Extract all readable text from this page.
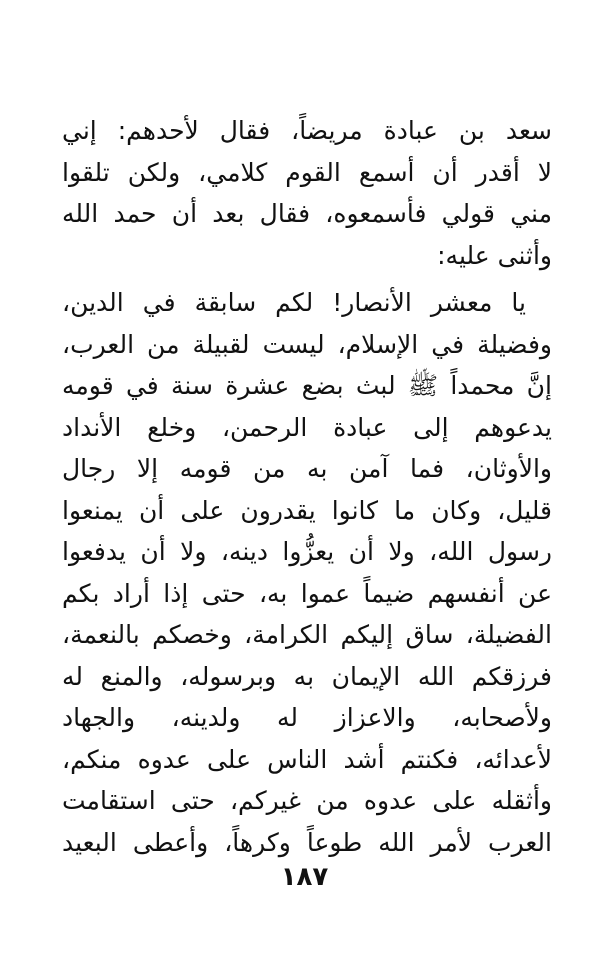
سعد بن عبادة مريضاً، فقال لأحدهم: إني
لا أقدر أن أسمع القوم كلامي، ولكن تلقوا
مني قولي فأسمعوه، فقال بعد أن حمد الله
وأثنى عليه:
يا معشر الأنصار! لكم سابقة في الدين،
وفضيلة في الإسلام، ليست لقبيلة من العرب،
إنَّ محمداً ﷺ لبث بضع عشرة سنة في قومه
يدعوهم إلى عبادة الرحمن، وخلع الأنداد
والأوثان، فما آمن به من قومه إلا رجال
قليل، وكان ما كانوا يقدرون على أن يمنعوا
رسول الله، ولا أن يعزُّوا دينه، ولا أن يدفعوا
عن أنفسهم ضيماً عموا به، حتى إذا أراد بكم
الفضيلة، ساق إليكم الكرامة، وخصكم بالنعمة،
فرزقكم الله الإيمان به وبرسوله، والمنع له
ولأصحابه، والاعزاز له ولدينه، والجهاد
لأعدائه، فكنتم أشد الناس على عدوه منكم،
وأثقله على عدوه من غيركم، حتى استقامت
العرب لأمر الله طوعاً وكرهاً، وأعطى البعيد
١٨٧
